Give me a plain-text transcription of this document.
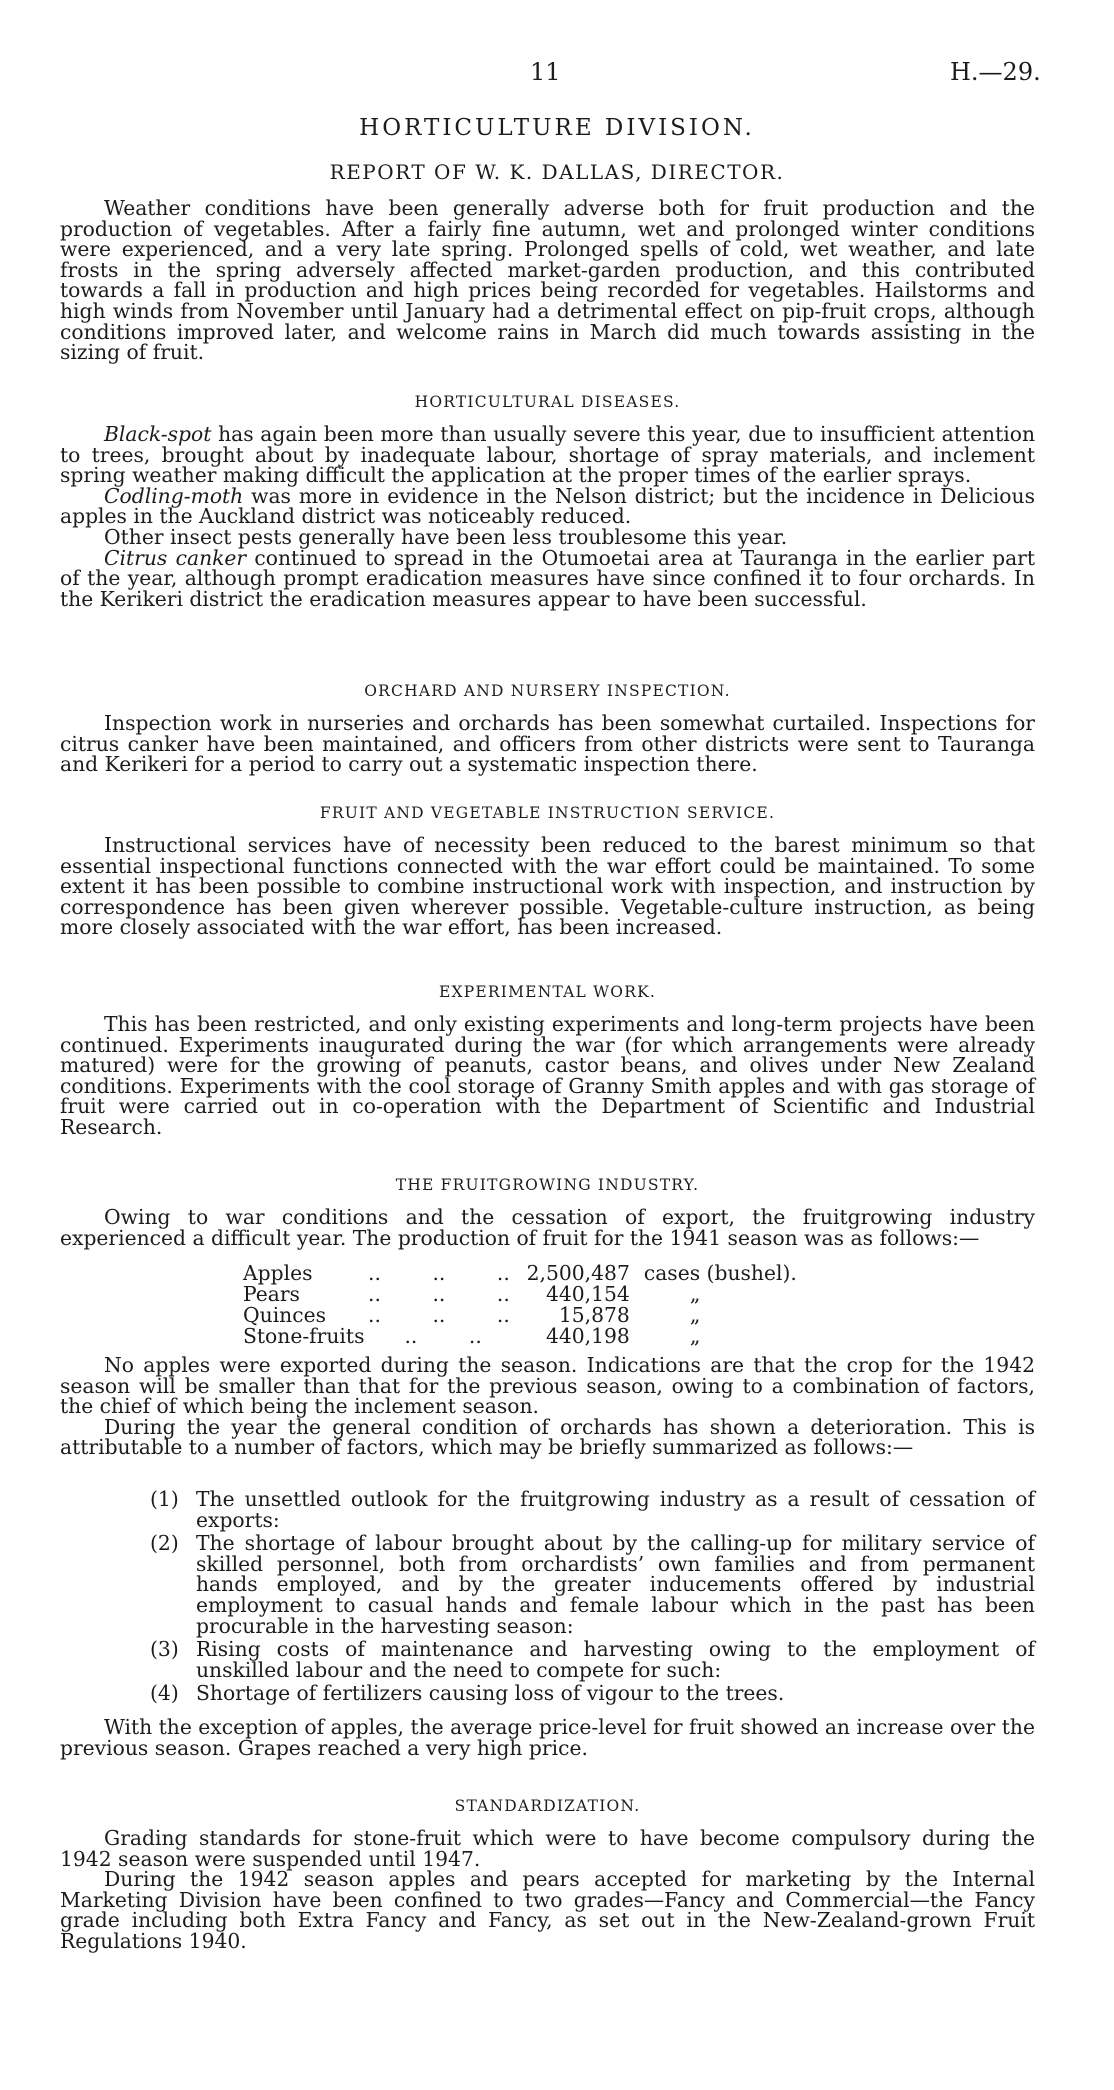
11	H.—29.
HORTICULTURE DIVISION.
REPORT OF W. K. DALLAS, DIRECTOR.

Weather conditions have been generally adverse both for fruit production and the production of vegetables. After a fairly fine autumn, wet and prolonged winter conditions were experienced, and a very late spring. Prolonged spells of cold, wet weather, and late frosts in the spring adversely affected market-garden production, and this contributed towards a fall in production and high prices being recorded for vegetables. Hailstorms and high winds from November until January had a detrimental effect on pip-fruit crops, although conditions improved later, and welcome rains in March did much towards assisting in the sizing of fruit.

HORTICULTURAL DISEASES.

Black-spot has again been more than usually severe this year, due to insufficient attention to trees, brought about by inadequate labour, shortage of spray materials, and inclement spring weather making difficult the application at the proper times of the earlier sprays.

Codling-moth was more in evidence in the Nelson district; but the incidence in Delicious apples in the Auckland district was noticeably reduced.

Other insect pests generally have been less troublesome this year.

Citrus canker continued to spread in the Otumoetai area at Tauranga in the earlier part of the year, although prompt eradication measures have since confined it to four orchards. In the Kerikeri district the eradication measures appear to have been successful.

ORCHARD AND NURSERY INSPECTION.

Inspection work in nurseries and orchards has been somewhat curtailed. Inspections for citrus canker have been maintained, and officers from other districts were sent to Tauranga and Kerikeri for a period to carry out a systematic inspection there.

FRUIT AND VEGETABLE INSTRUCTION SERVICE.

Instructional services have of necessity been reduced to the barest minimum so that essential inspectional functions connected with the war effort could be maintained. To some extent it has been possible to combine instructional work with inspection, and instruction by correspondence has been given wherever possible. Vegetable-culture instruction, as being more closely associated with the war effort, has been increased.

EXPERIMENTAL WORK.

This has been restricted, and only existing experiments and long-term projects have been continued. Experiments inaugurated during the war (for which arrangements were already matured) were for the growing of peanuts, castor beans, and olives under New Zealand conditions. Experiments with the cool storage of Granny Smith apples and with gas storage of fruit were carried out in co-operation with the Department of Scientific and Industrial Research.

THE FRUITGROWING INDUSTRY.

Owing to war conditions and the cessation of export, the fruitgrowing industry experienced a difficult year. The production of fruit for the 1941 season was as follows:—

Apples	..        ..        ..	2,500,487	cases (bushel).
Pears	..        ..        ..	440,154	„
Quinces	..        ..        ..	15,878	„
Stone-fruits	..        ..	440,198	„

No apples were exported during the season. Indications are that the crop for the 1942 season will be smaller than that for the previous season, owing to a combination of factors, the chief of which being the inclement season.

During the year the general condition of orchards has shown a deterioration. This is attributable to a number of factors, which may be briefly summarized as follows:—

(1) The unsettled outlook for the fruitgrowing industry as a result of cessation of exports:
(2) The shortage of labour brought about by the calling-up for military service of skilled personnel, both from orchardists’ own families and from permanent hands employed, and by the greater inducements offered by industrial employment to casual hands and female labour which in the past has been procurable in the harvesting season:
(3) Rising costs of maintenance and harvesting owing to the employment of unskilled labour and the need to compete for such:
(4) Shortage of fertilizers causing loss of vigour to the trees.

With the exception of apples, the average price-level for fruit showed an increase over the previous season. Grapes reached a very high price.

STANDARDIZATION.

Grading standards for stone-fruit which were to have become compulsory during the 1942 season were suspended until 1947.

During the 1942 season apples and pears accepted for marketing by the Internal Marketing Division have been confined to two grades—Fancy and Commercial—the Fancy grade including both Extra Fancy and Fancy, as set out in the New-Zealand-grown Fruit Regulations 1940.
